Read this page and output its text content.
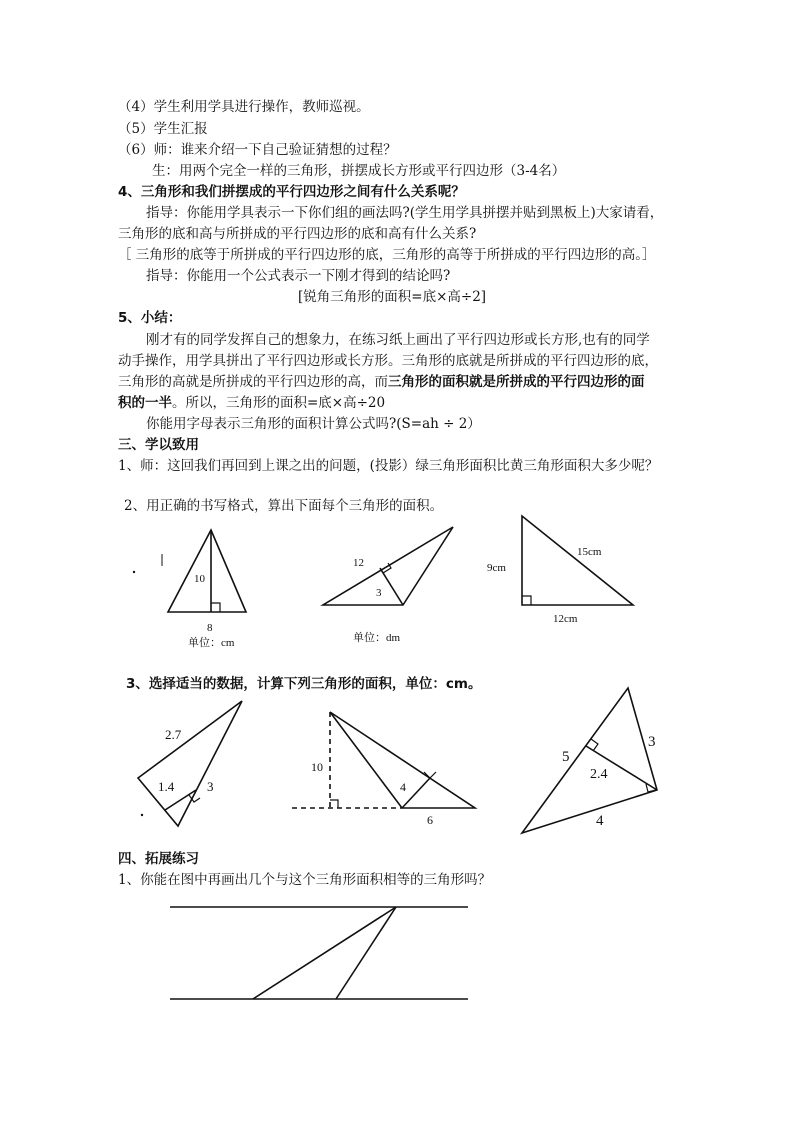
（4）学生利用学具进行操作，教师巡视。
（5）学生汇报
（6）师：谁来介绍一下自己验证猜想的过程？
生：用两个完全一样的三角形，拼摆成长方形或平行四边形（3-4名）
4、三角形和我们拼摆成的平行四边形之间有什么关系呢？
指导：你能用学具表示一下你们组的画法吗?(学生用学具拼摆并贴到黑板上)大家请看，
三角形的底和高与所拼成的平行四边形的底和高有什么关系?
［ 三角形的底等于所拼成的平行四边形的底，三角形的高等于所拼成的平行四边形的高。］
指导：你能用一个公式表示一下刚才得到的结论吗?
[锐角三角形的面积=底×高÷2]
5、小结：
刚才有的同学发挥自己的想象力，在练习纸上画出了平行四边形或长方形,也有的同学
动手操作，用学具拼出了平行四边形或长方形。三角形的底就是所拼成的平行四边形的底，
三角形的高就是所拼成的平行四边形的高，而三角形的面积就是所拼成的平行四边形的面
积的一半。所以，三角形的面积=底×高÷20
你能用字母表示三角形的面积计算公式吗?(S=ah ÷ 2）
三、学以致用
1、师：这回我们再回到上课之出的问题，(投影）绿三角形面积比黄三角形面积大多少呢？
2、用正确的书写格式，算出下面每个三角形的面积。
3、选择适当的数据，计算下列三角形的面积，单位：cm。
四、拓展练习
1、你能在图中再画出几个与这个三角形面积相等的三角形吗？
10
8
单位：cm
12
3
单位：dm
9cm
15cm
12cm
2.7
1.4	3
10
4
6
5
2.4
3
4
